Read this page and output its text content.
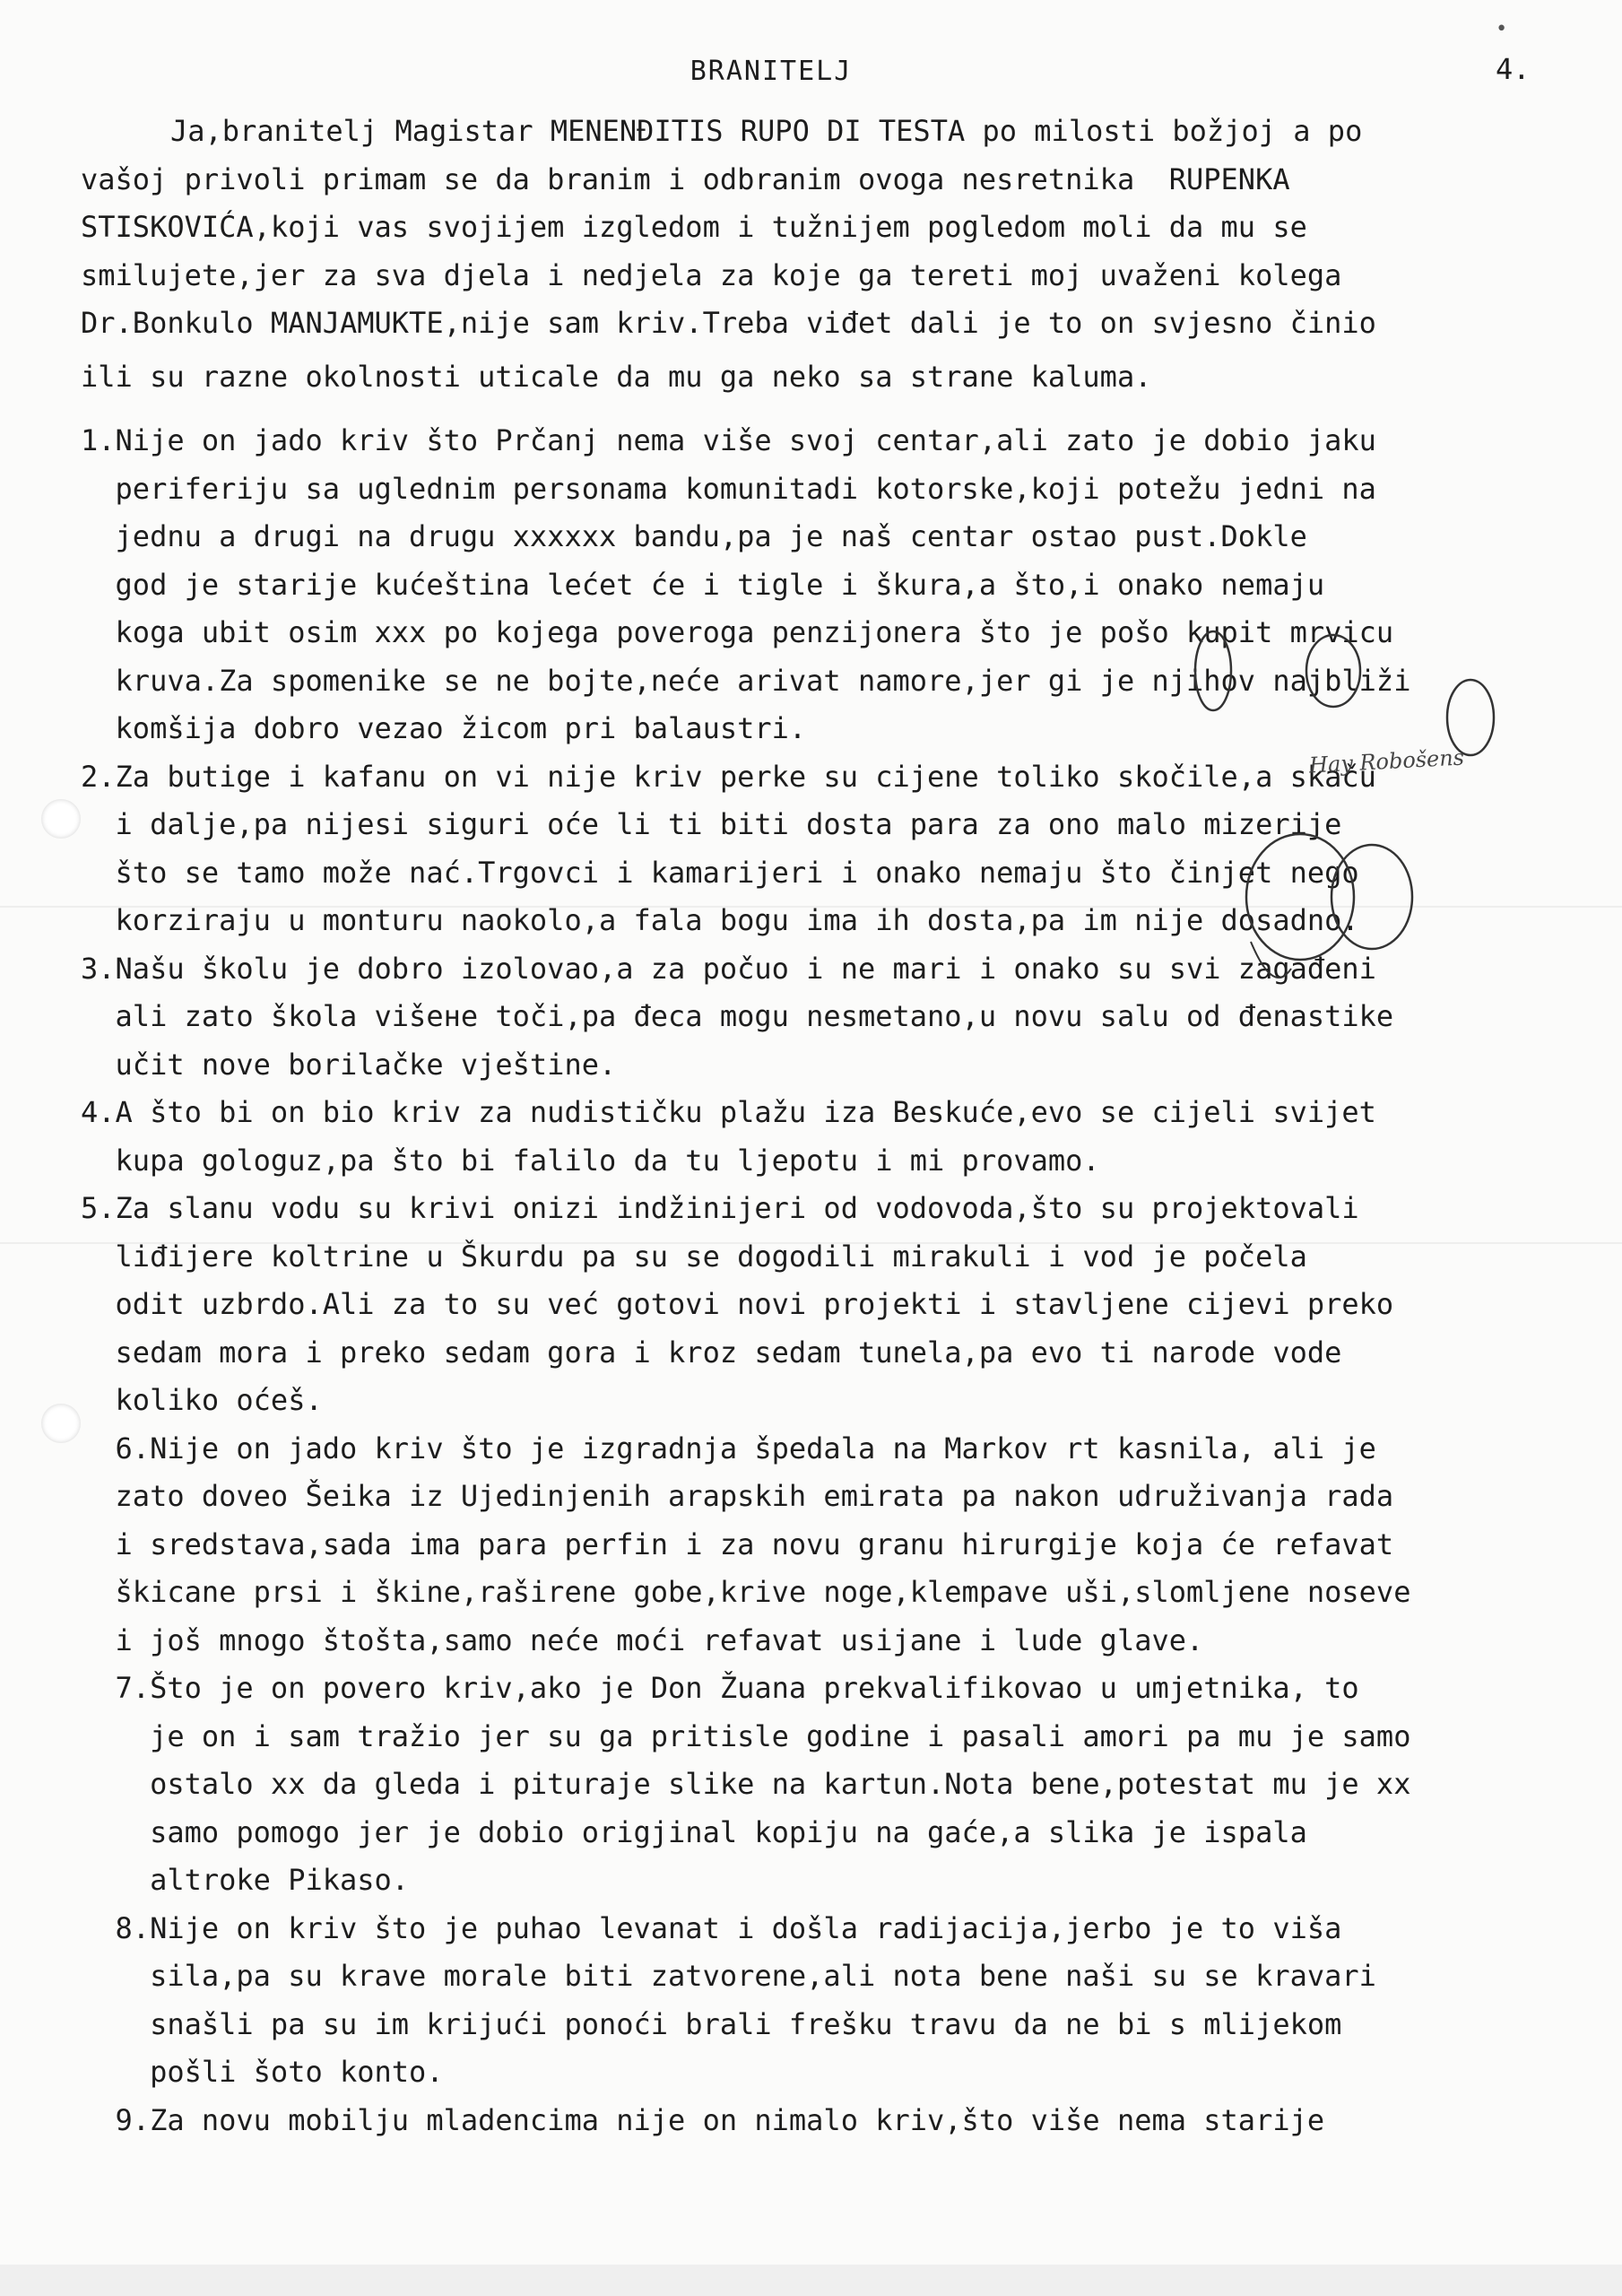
•
BRANITELJ	4.
Ja,branitelj Magistar MENENĐITIS RUPO DI TESTA po milosti božjoj a po
vašoj privoli primam se da branim i odbranim ovoga nesretnika  RUPENKA
STISKOVIĆA,koji vas svojijem izgledom i tužnijem pogledom moli da mu se
smilujete,jer za sva djela i nedjela za koje ga tereti moj uvaženi kolega
Dr.Bonkulo MANJAMUKTE,nije sam kriv.Treba viđet dali je to on svjesno činio
ili su razne okolnosti uticale da mu ga neko sa strane kaluma.
1.Nije on jado kriv što Prčanj nema više svoj centar,ali zato je dobio jaku
periferiju sa uglednim personama komunitadi kotorske,koji potežu jedni na
jednu a drugi na drugu xxxxxx bandu,pa je naš centar ostao pust.Dokle
god je starije kućeština lećet će i tigle i škura,a što,i onako nemaju
koga ubit osim xxx po kojega poveroga penzijonera što je pošo kupit mrvicu
kruva.Za spomenike se ne bojte,neće arivat namore,jer gi je njihov najbliži
komšija dobro vezao žicom pri balaustri.
2.Za butige i kafanu on vi nije kriv perke su cijene toliko skočile,a skaču
i dalje,pa nijesi siguri oće li ti biti dosta para za ono malo mizerije
što se tamo može nać.Trgovci i kamarijeri i onako nemaju što činjet nego
korziraju u monturu naokolo,a fala bogu ima ih dosta,pa im nije dosadno.
3.Našu školu je dobro izolovao,a za počuo i ne mari i onako su svi zagađeni
ali zato škola višeне toči,pa đeca mogu nesmetano,u novu salu od đenastike
učit nove borilačke vještine.
4.A što bi on bio kriv za nudističku plažu iza Beskuće,evo se cijeli svijet
kupa gologuz,pa što bi falilo da tu ljepotu i mi provamo.
5.Za slanu vodu su krivi onizi indžinijeri od vodovoda,što su projektovali
liđijere koltrine u Škurdu pa su se dogodili mirakuli i vod je počela
odit uzbrdo.Ali za to su već gotovi novi projekti i stavljene cijevi preko
sedam mora i preko sedam gora i kroz sedam tunela,pa evo ti narode vode
koliko oćeš.
6.Nije on jado kriv što je izgradnja špedala na Markov rt kasnila, ali je
zato doveo Šeika iz Ujedinjenih arapskih emirata pa nakon udruživanja rada
i sredstava,sada ima para perfin i za novu granu hirurgije koja će refavat
škicane prsi i škine,raširene gobe,krive noge,klempave uši,slomljene noseve
i još mnogo štošta,samo neće moći refavat usijane i lude glave.
7.Što je on povero kriv,ako je Don Žuana prekvalifikovao u umjetnika, to
je on i sam tražio jer su ga pritisle godine i pasali amori pa mu je samo
ostalo xx da gleda i pituraje slike na kartun.Nota bene,potestat mu je xx
samo pomogo jer je dobio origjinal kopiju na gaće,a slika je ispala
altroke Pikaso.
8.Nije on kriv što je puhao levanat i došla radijacija,jerbo je to viša
sila,pa su krave morale biti zatvorene,ali nota bene naši su se kravari
snašli pa su im krijući ponoći brali frešku travu da ne bi s mlijekom
pošli šoto konto.
9.Za novu mobilju mladencima nije on nimalo kriv,što više nema starije
Hay Robošens
